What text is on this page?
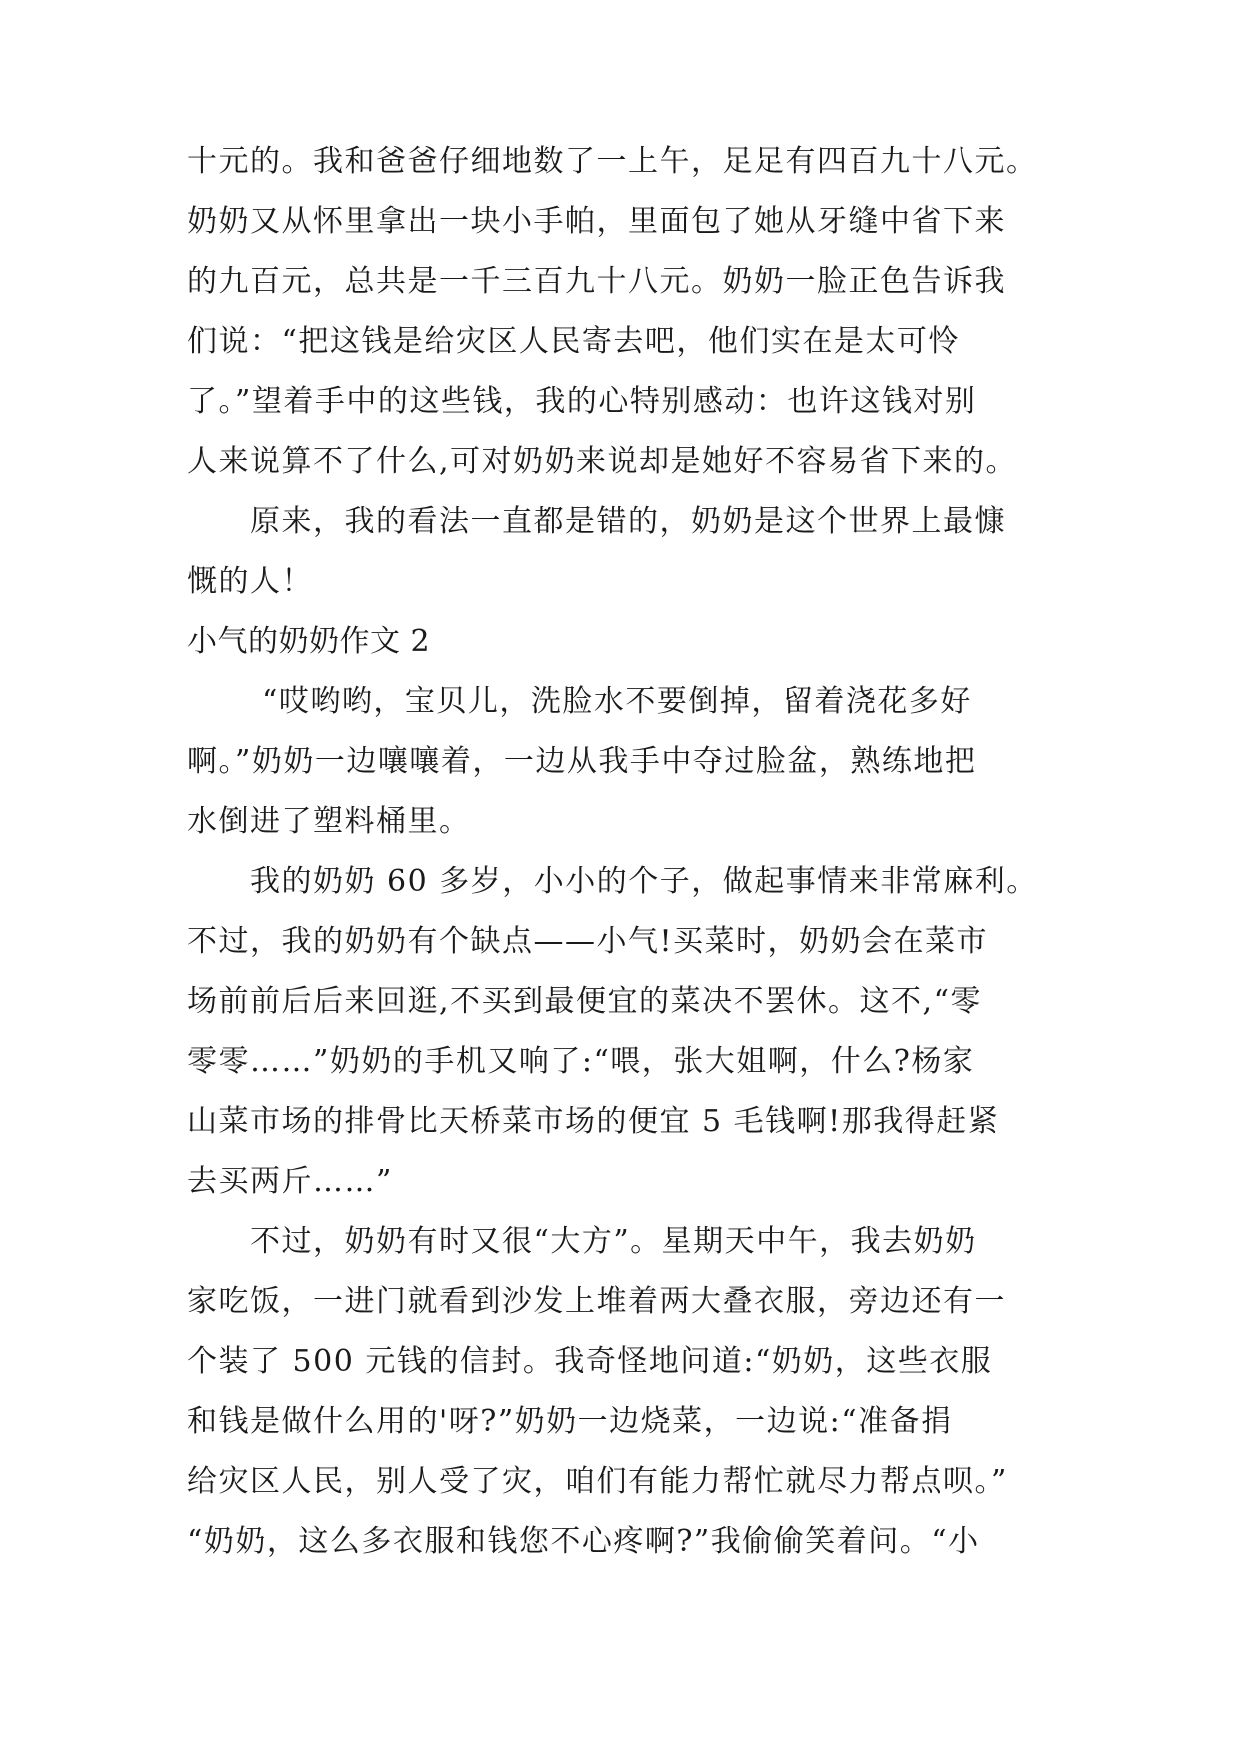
十元的。我和爸爸仔细地数了一上午，足足有四百九十八元。
奶奶又从怀里拿出一块小手帕，里面包了她从牙缝中省下来
的九百元，总共是一千三百九十八元。奶奶一脸正色告诉我
们说：“把这钱是给灾区人民寄去吧，他们实在是太可怜
了。”望着手中的这些钱，我的心特别感动：也许这钱对别
人来说算不了什么,可对奶奶来说却是她好不容易省下来的。
原来，我的看法一直都是错的，奶奶是这个世界上最慷
慨的人！
小气的奶奶作文 2
“哎哟哟，宝贝儿，洗脸水不要倒掉，留着浇花多好
啊。”奶奶一边嚷嚷着，一边从我手中夺过脸盆，熟练地把
水倒进了塑料桶里。
我的奶奶 60 多岁，小小的个子，做起事情来非常麻利。
不过，我的奶奶有个缺点——小气!买菜时，奶奶会在菜市
场前前后后来回逛,不买到最便宜的菜决不罢休。这不,“零
零零……”奶奶的手机又响了:“喂，张大姐啊，什么?杨家
山菜市场的排骨比天桥菜市场的便宜 5 毛钱啊!那我得赶紧
去买两斤……”
不过，奶奶有时又很“大方”。星期天中午，我去奶奶
家吃饭，一进门就看到沙发上堆着两大叠衣服，旁边还有一
个装了 500 元钱的信封。我奇怪地问道:“奶奶，这些衣服
和钱是做什么用的'呀?”奶奶一边烧菜，一边说:“准备捐
给灾区人民，别人受了灾，咱们有能力帮忙就尽力帮点呗。”
“奶奶，这么多衣服和钱您不心疼啊?”我偷偷笑着问。“小
